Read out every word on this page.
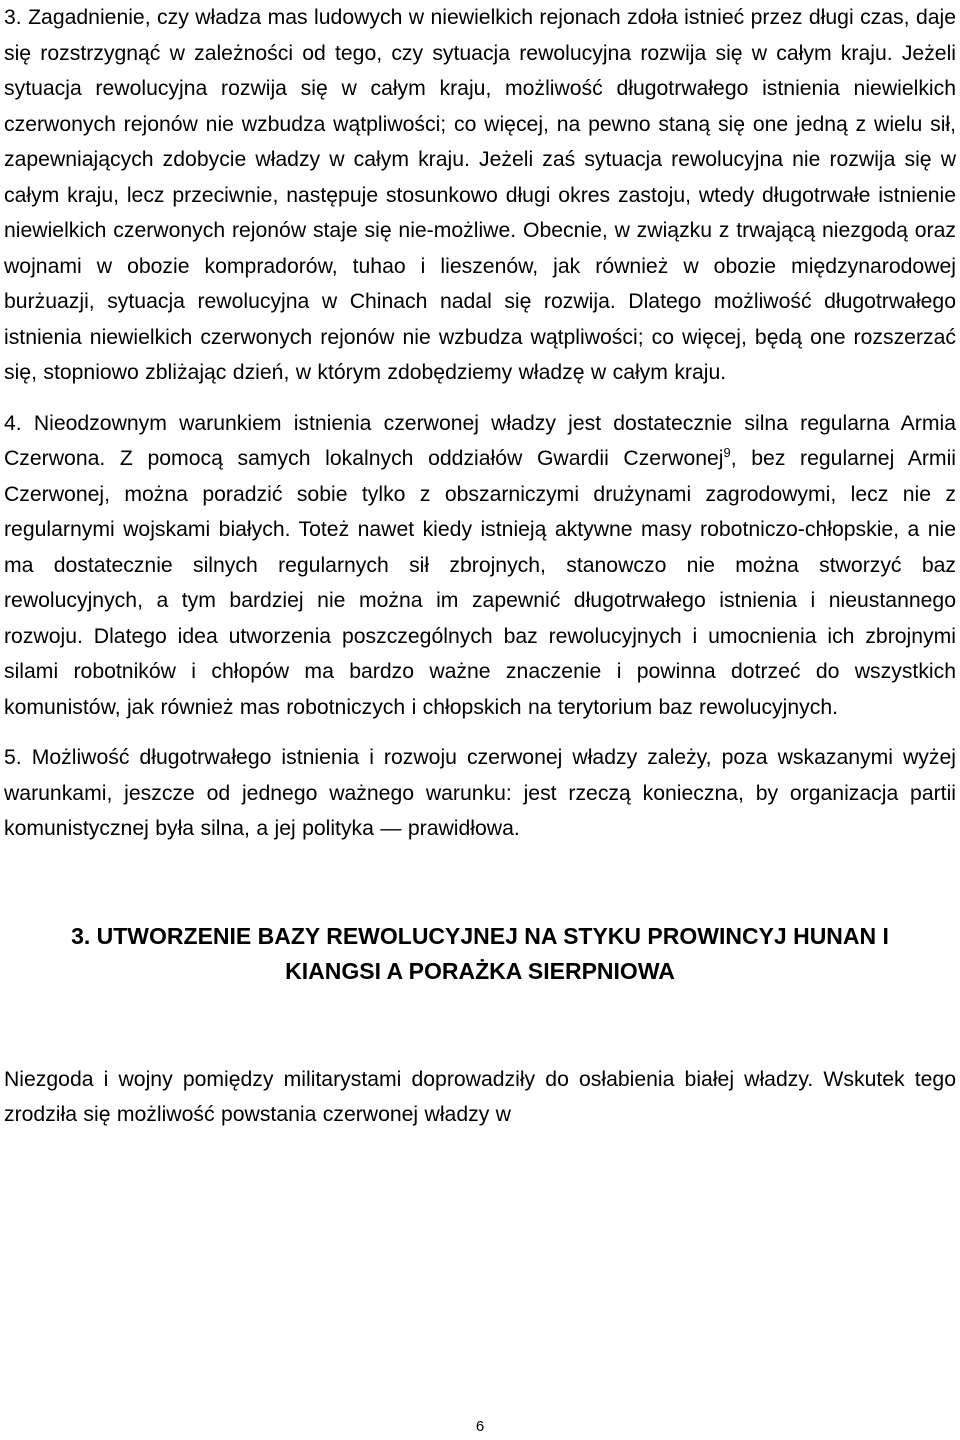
3. Zagadnienie, czy władza mas ludowych w niewielkich rejonach zdoła istnieć przez długi czas, daje się rozstrzygnąć w zależności od tego, czy sytuacja rewolucyjna rozwija się w całym kraju. Jeżeli sytuacja rewolucyjna rozwija się w całym kraju, możliwość długotrwałego istnienia niewielkich czerwonych rejonów nie wzbudza wątpliwości; co więcej, na pewno staną się one jedną z wielu sił, zapewniających zdobycie władzy w całym kraju. Jeżeli zaś sytuacja rewolucyjna nie rozwija się w całym kraju, lecz przeciwnie, następuje stosunkowo długi okres zastoju, wtedy długotrwałe istnienie niewielkich czerwonych rejonów staje się nie-możliwe. Obecnie, w związku z trwającą niezgodą oraz wojnami w obozie kompradorów, tuhao i lieszenów, jak również w obozie międzynarodowej burżuazji, sytuacja rewolucyjna w Chinach nadal się rozwija. Dlatego możliwość długotrwałego istnienia niewielkich czerwonych rejonów nie wzbudza wątpliwości; co więcej, będą one rozszerzać się, stopniowo zbliżając dzień, w którym zdobędziemy władzę w całym kraju.

4. Nieodzownym warunkiem istnienia czerwonej władzy jest dostatecznie silna regularna Armia Czerwona. Z pomocą samych lokalnych oddziałów Gwardii Czerwonej$^9$, bez regularnej Armii Czerwonej, można poradzić sobie tylko z obszarniczymi drużynami zagrodowymi, lecz nie z regularnymi wojskami białych. Toteż nawet kiedy istnieją aktywne masy robotniczo-chłopskie, a nie ma dostatecznie silnych regularnych sił zbrojnych, stanowczo nie można stworzyć baz rewolucyjnych, a tym bardziej nie można im zapewnić długotrwałego istnienia i nieustannego rozwoju. Dlatego idea utworzenia poszczególnych baz rewolucyjnych i umocnienia ich zbrojnymi silami robotników i chłopów ma bardzo ważne znaczenie i powinna dotrzeć do wszystkich komunistów, jak również mas robotniczych i chłopskich na terytorium baz rewolucyjnych.

5. Możliwość długotrwałego istnienia i rozwoju czerwonej władzy zależy, poza wskazanymi wyżej warunkami, jeszcze od jednego ważnego warunku: jest rzeczą konieczna, by organizacja partii komunistycznej była silna, a jej polityka — prawidłowa.

3. UTWORZENIE BAZY REWOLUCYJNEJ NA STYKU PROWINCYJ HUNAN I KIANGSI A PORAŻKA SIERPNIOWA

Niezgoda i wojny pomiędzy militarystami doprowadziły do osłabienia białej władzy. Wskutek tego zrodziła się możliwość powstania czerwonej władzy w

6
